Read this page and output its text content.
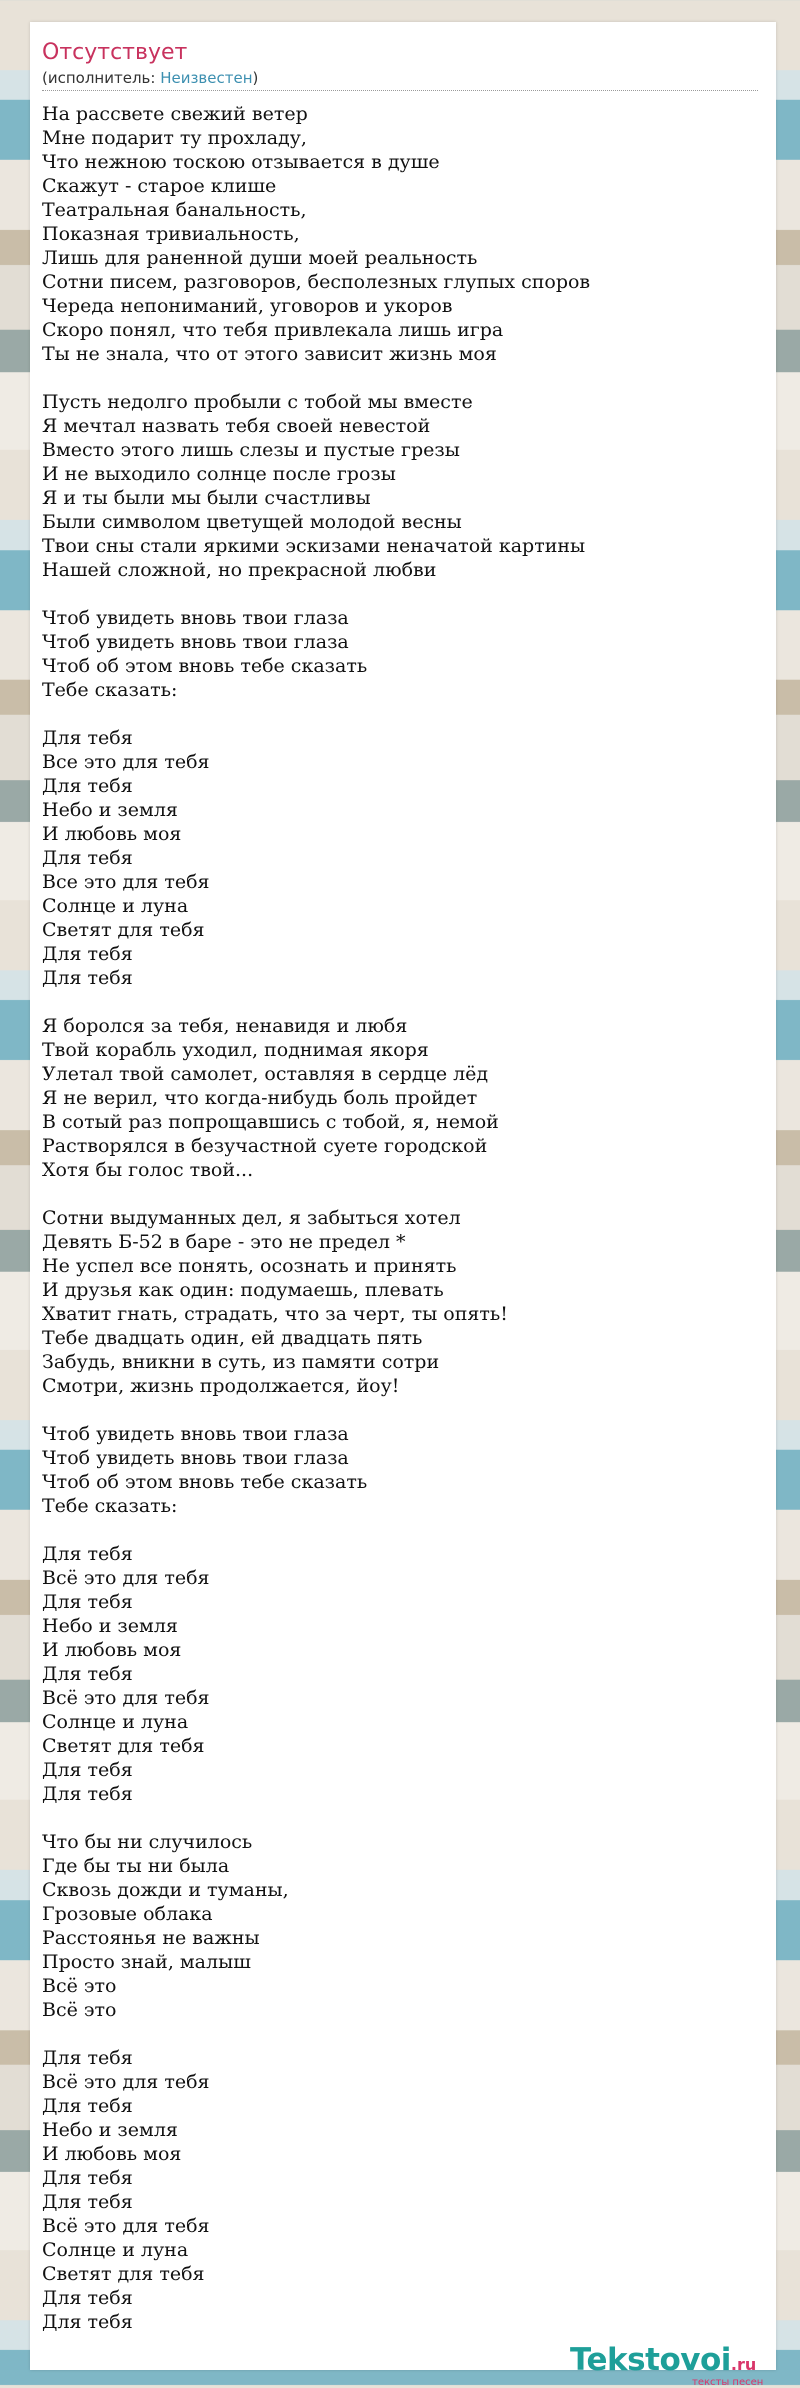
Отсутствует
(исполнитель: Неизвестен)
На рассвете свежий ветер
Мне подарит ту прохладу,
Что нежною тоскою отзывается в душе
Скажут - старое клише
Театральная банальность,
Показная тривиальность,
Лишь для раненной души моей реальность
Сотни писем, разговоров, бесполезных глупых споров
Череда непониманий, уговоров и укоров
Скоро понял, что тебя привлекала лишь игра
Ты не знала, что от этого зависит жизнь моя
Пусть недолго пробыли с тобой мы вместе
Я мечтал назвать тебя своей невестой
Вместо этого лишь слезы и пустые грезы
И не выходило солнце после грозы
Я и ты были мы были счастливы
Были символом цветущей молодой весны
Твои сны стали яркими эскизами неначатой картины
Нашей сложной, но прекрасной любви
Чтоб увидеть вновь твои глаза
Чтоб увидеть вновь твои глаза
Чтоб об этом вновь тебе сказать
Тебе сказать:
Для тебя
Все это для тебя
Для тебя
Небо и земля
И любовь моя
Для тебя
Все это для тебя
Солнце и луна
Светят для тебя
Для тебя
Для тебя
Я боролся за тебя, ненавидя и любя
Твой корабль уходил, поднимая якоря
Улетал твой самолет, оставляя в сердце лёд
Я не верил, что когда-нибудь боль пройдет
В сотый раз попрощавшись с тобой, я, немой
Растворялся в безучастной суете городской
Хотя бы голос твой...
Сотни выдуманных дел, я забыться хотел
Девять Б-52 в баре - это не предел *
Не успел все понять, осознать и принять
И друзья как один: подумаешь, плевать
Хватит гнать, страдать, что за черт, ты опять!
Тебе двадцать один, ей двадцать пять
Забудь, вникни в суть, из памяти сотри
Смотри, жизнь продолжается, йоу!
Чтоб увидеть вновь твои глаза
Чтоб увидеть вновь твои глаза
Чтоб об этом вновь тебе сказать
Тебе сказать:
Для тебя
Всё это для тебя
Для тебя
Небо и земля
И любовь моя
Для тебя
Всё это для тебя
Солнце и луна
Светят для тебя
Для тебя
Для тебя
Что бы ни случилось
Где бы ты ни была
Сквозь дожди и туманы,
Грозовые облака
Расстоянья не важны
Просто знай, малыш
Всё это
Всё это
Для тебя
Всё это для тебя
Для тебя
Небо и земля
И любовь моя
Для тебя
Для тебя
Всё это для тебя
Солнце и луна
Светят для тебя
Для тебя
Для тебя
Tekstovoi.ru
тексты песен
